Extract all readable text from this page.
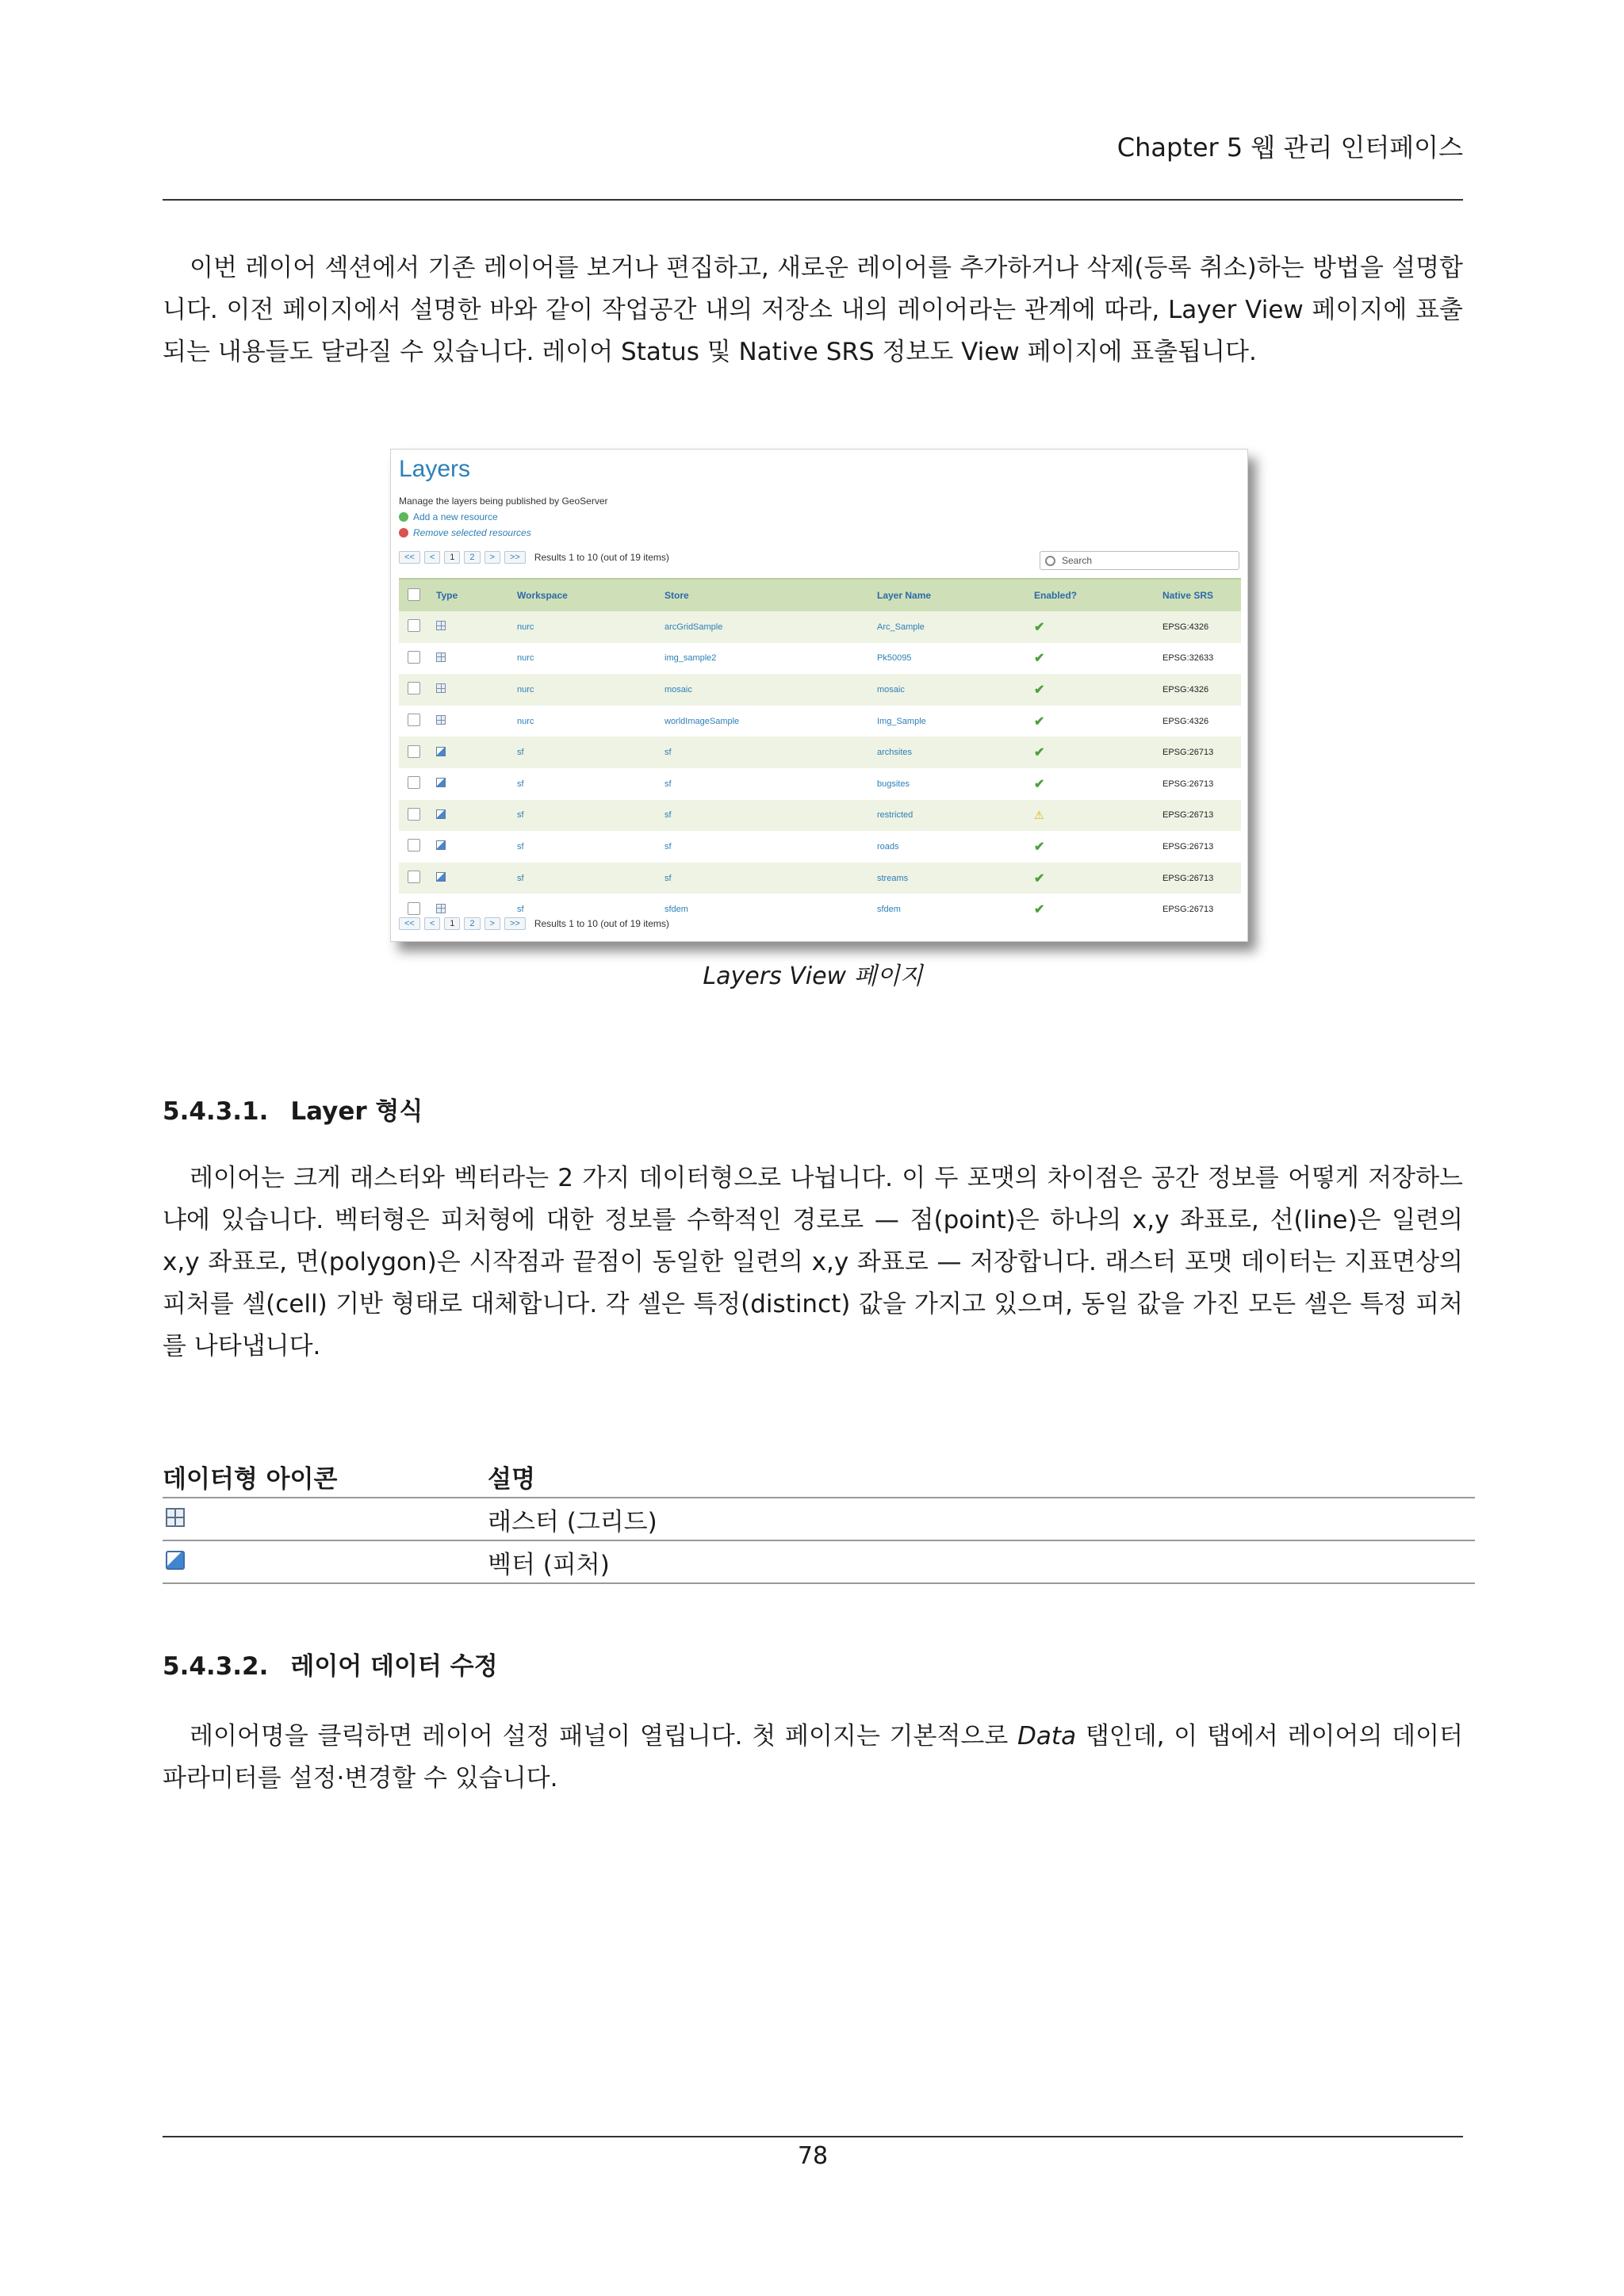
Chapter 5 웹 관리 인터페이스

이번 레이어 섹션에서 기존 레이어를 보거나 편집하고, 새로운 레이어를 추가하거나 삭제(등록 취소)하는 방법을 설명합니다. 이전 페이지에서 설명한 바와 같이 작업공간 내의 저장소 내의 레이어라는 관계에 따라, Layer View 페이지에 표출되는 내용들도 달라질 수 있습니다. 레이어 Status 및 Native SRS 정보도 View 페이지에 표출됩니다.

Layers
Manage the layers being published by GeoServer
Add a new resource
Remove selected resources
<<	<	1	2	>	>>	Results 1 to 10 (out of 19 items)	Search
	Type	Workspace	Store	Layer Name	Enabled?	Native SRS
		nurc	arcGridSample	Arc_Sample	✔	EPSG:4326
		nurc	img_sample2	Pk50095	✔	EPSG:32633
		nurc	mosaic	mosaic	✔	EPSG:4326
		nurc	worldImageSample	Img_Sample	✔	EPSG:4326
		sf	sf	archsites	✔	EPSG:26713
		sf	sf	bugsites	✔	EPSG:26713
		sf	sf	restricted	⚠	EPSG:26713
		sf	sf	roads	✔	EPSG:26713
		sf	sf	streams	✔	EPSG:26713
		sf	sfdem	sfdem	✔	EPSG:26713
<<	<	1	2	>	>>	Results 1 to 10 (out of 19 items)
Layers View 페이지
5.4.3.1. Layer 형식

레이어는 크게 래스터와 벡터라는 2 가지 데이터형으로 나뉩니다. 이 두 포맷의 차이점은 공간 정보를 어떻게 저장하느냐에 있습니다. 벡터형은 피처형에 대한 정보를 수학적인 경로로 — 점(point)은 하나의 x,y 좌표로, 선(line)은 일련의 x,y 좌표로, 면(polygon)은 시작점과 끝점이 동일한 일련의 x,y 좌표로 — 저장합니다. 래스터 포맷 데이터는 지표면상의 피처를 셀(cell) 기반 형태로 대체합니다. 각 셀은 특정(distinct) 값을 가지고 있으며, 동일 값을 가진 모든 셀은 특정 피처를 나타냅니다.

데이터형 아이콘	설명
	래스터 (그리드)
	벡터 (피처)
5.4.3.2. 레이어 데이터 수정

레이어명을 클릭하면 레이어 설정 패널이 열립니다. 첫 페이지는 기본적으로 Data 탭인데, 이 탭에서 레이어의 데이터 파라미터를 설정·변경할 수 있습니다.

78
